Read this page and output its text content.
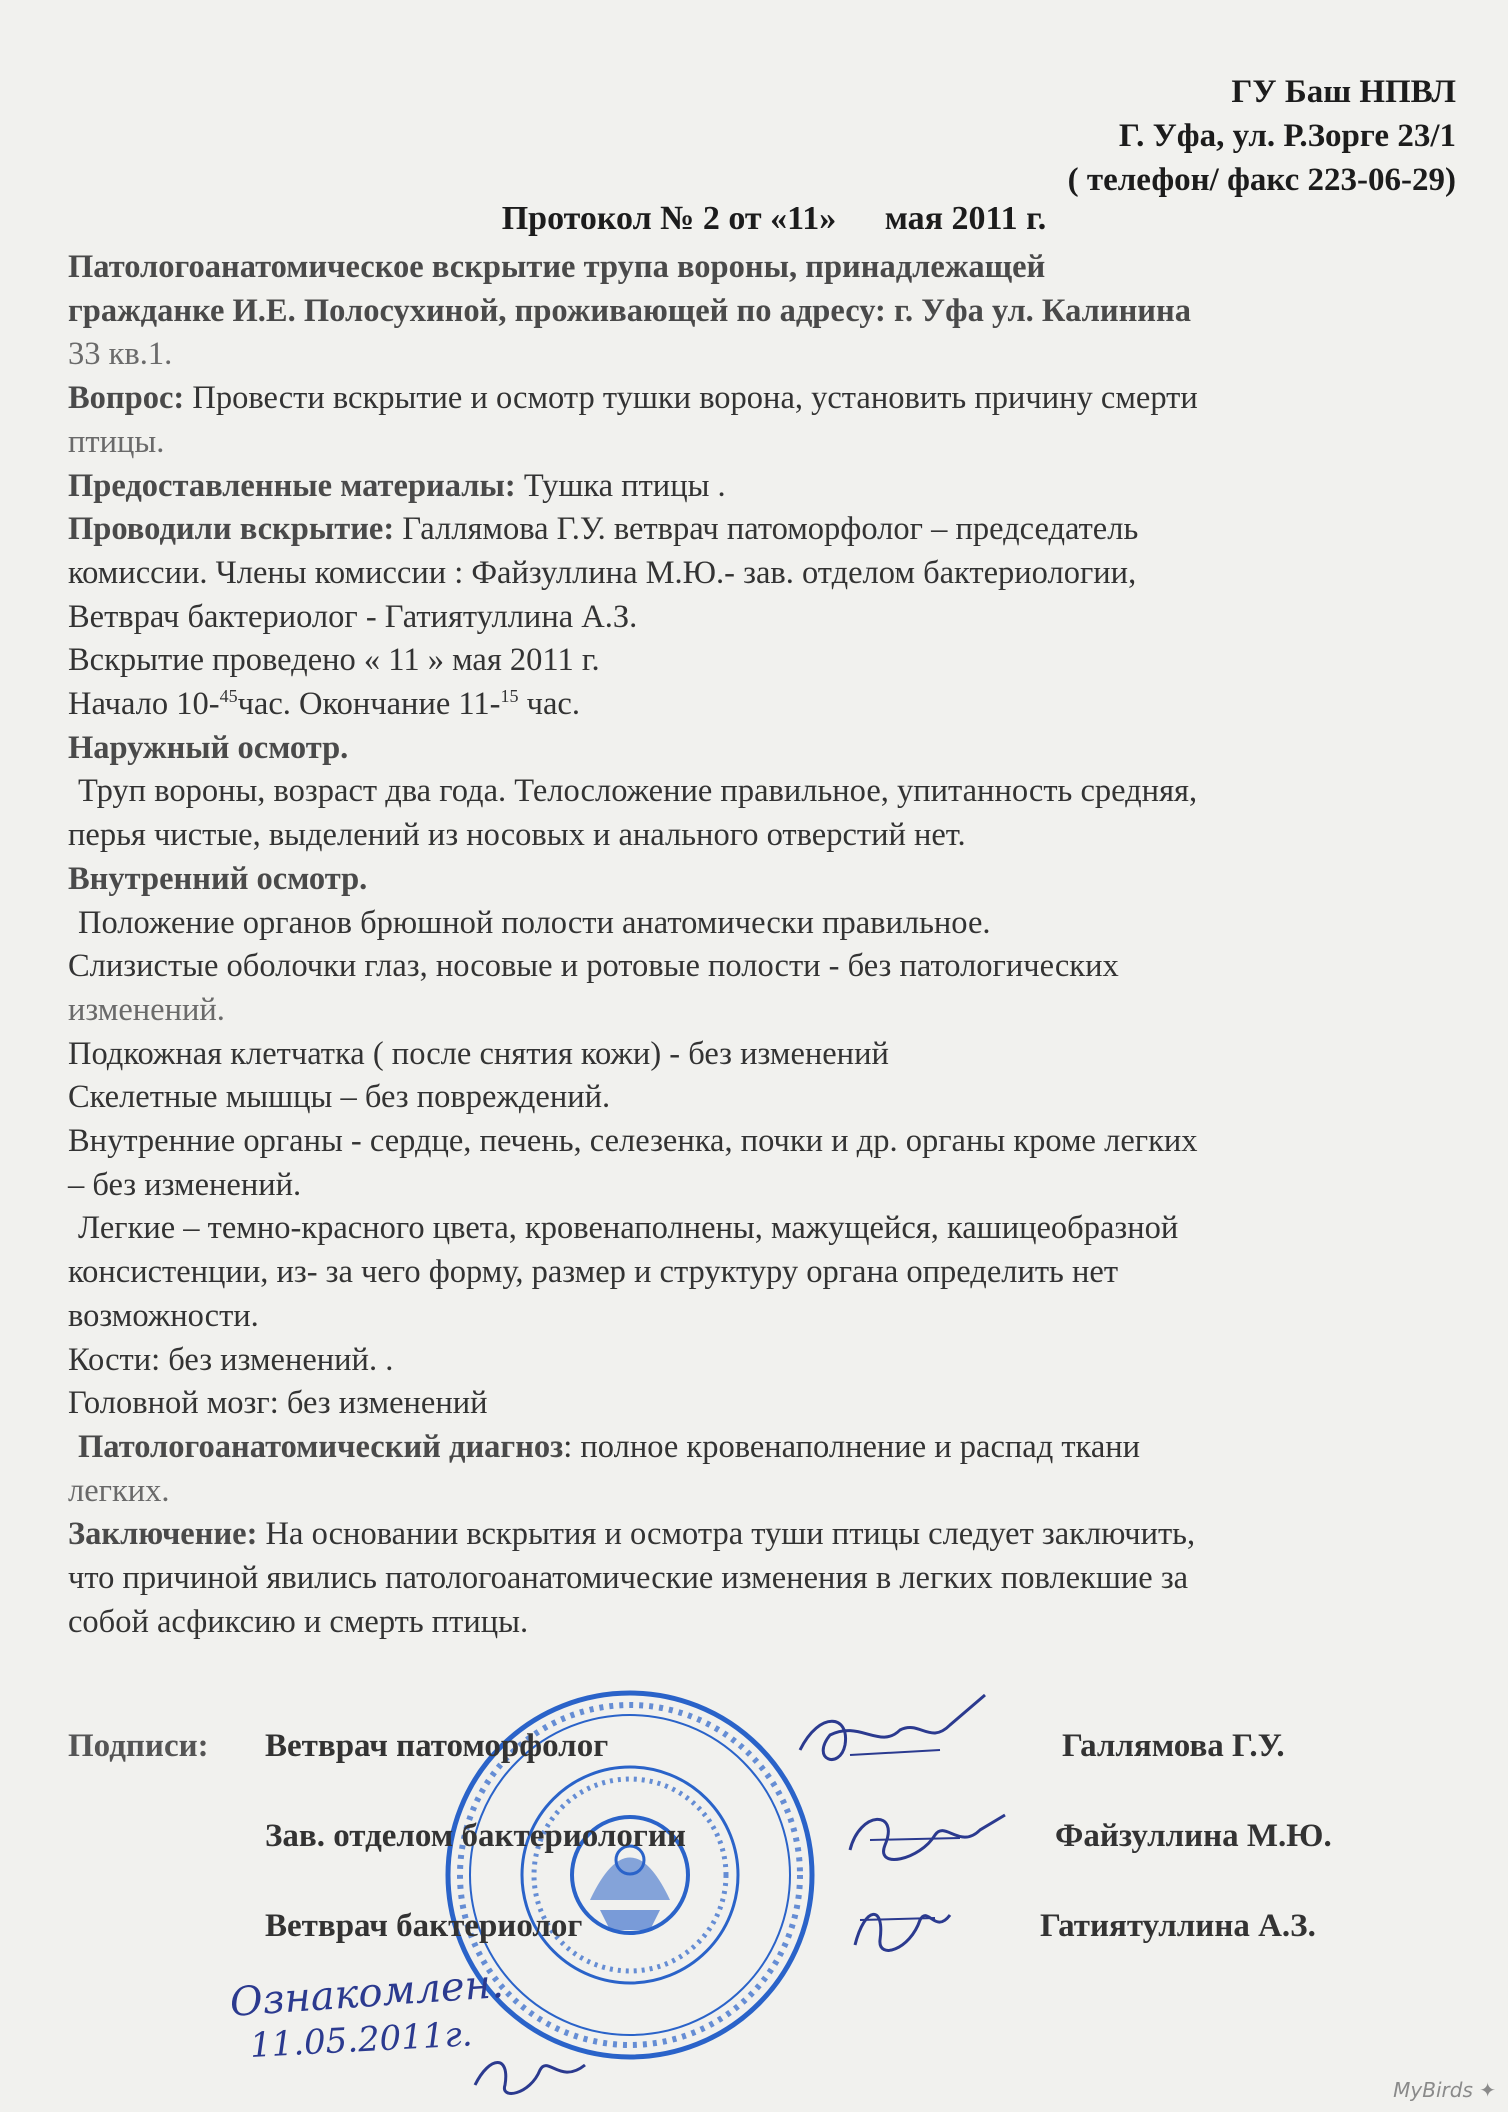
ГУ Баш НПВЛ
Г. Уфа, ул. Р.Зорге 23/1
( телефон/ факс 223-06-29)
Протокол № 2 от «11» мая 2011 г.

Патологоанатомическое вскрытие трупа вороны, принадлежащей

гражданке И.Е. Полосухиной, проживающей по адресу: г. Уфа ул. Калинина

33 кв.1.

Вопрос: Провести вскрытие и осмотр тушки ворона, установить причину смерти

птицы.

Предоставленные материалы: Тушка птицы .

Проводили вскрытие: Галлямова Г.У. ветврач патоморфолог – председатель

комиссии. Члены комиссии : Файзуллина М.Ю.- зав. отделом бактериологии,

Ветврач бактериолог - Гатиятуллина А.З.

Вскрытие проведено « 11 » мая 2011 г.

Начало 10-$^{45}$час. Окончание 11-$^{15}$ час.

Наружный осмотр.

Труп вороны, возраст два года. Телосложение правильное, упитанность средняя,

перья чистые, выделений из носовых и анального отверстий нет.

Внутренний осмотр.

Положение органов брюшной полости анатомически правильное.

Слизистые оболочки глаз, носовые и ротовые полости - без патологических

изменений.

Подкожная клетчатка ( после снятия кожи) - без изменений

Скелетные мышцы – без повреждений.

Внутренние органы - сердце, печень, селезенка, почки и др. органы кроме легких

– без изменений.

Легкие – темно-красного цвета, кровенаполнены, мажущейся, кашицеобразной

консистенции, из- за чего форму, размер и структуру органа определить нет

возможности.

Кости: без изменений. .

Головной мозг: без изменений

Патологоанатомический диагноз: полное кровенаполнение и распад ткани

легких.

Заключение: На основании вскрытия и осмотра туши птицы следует заключить,

что причиной явились патологоанатомические изменения в легких повлекшие за

собой асфиксию и смерть птицы.

Подписи: Ветврач патоморфолог	Галлямова Г.У.
Зав. отделом бактериологии	Файзуллина М.Ю.
Ветврач бактериолог	Гатиятуллина А.З.
Ознакомлен.
11.05.2011г.
MyBirds ✦
